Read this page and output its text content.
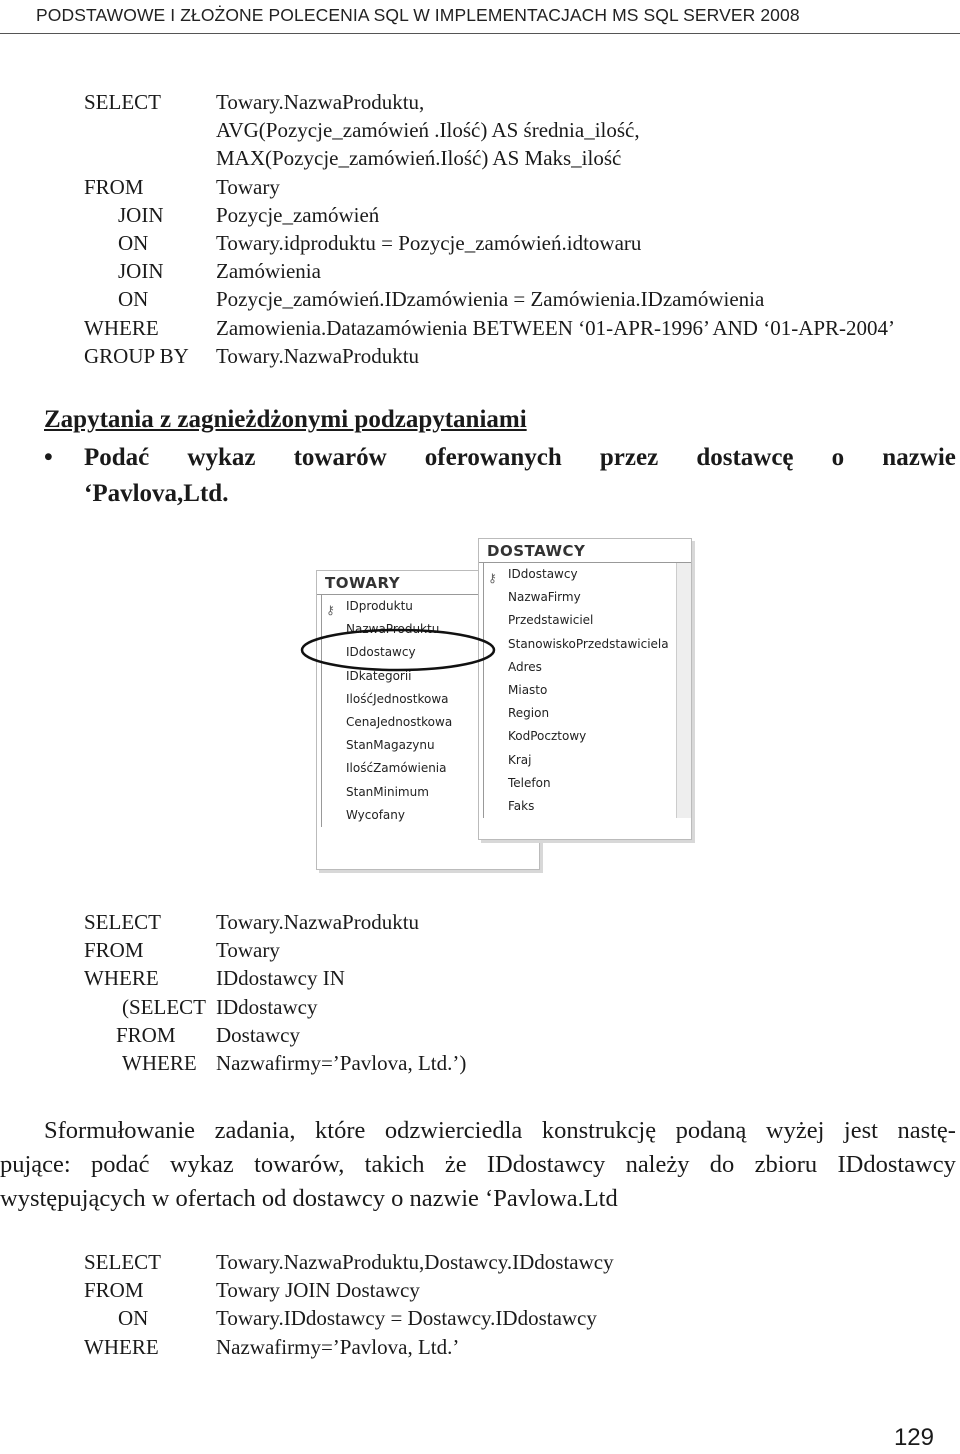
PODSTAWOWE I ZŁOŻONE POLECENIA SQL W IMPLEMENTACJACH MS SQL SERVER 2008
SELECT	Towary.NazwaProduktu,
AVG(Pozycje_zamówień .Ilość) AS średnia_ilość,
MAX(Pozycje_zamówień.Ilość) AS Maks_ilość
FROM	Towary
JOIN	Pozycje_zamówień
ON	Towary.idproduktu = Pozycje_zamówień.idtowaru
JOIN	Zamówienia
ON	Pozycje_zamówień.IDzamówienia = Zamówienia.IDzamówienia
WHERE	Zamowienia.Datazamówienia BETWEEN ‘01-APR-1996’ AND ‘01-APR-2004’
GROUP BY	Towary.NazwaProduktu
Zapytania z zagnieżdżonymi podzapytaniami
• Podać wykaz towarów oferowanych przez dostawcę o nazwie
‘Pavlova,Ltd.
TOWARY
⚷ IDproduktu
NazwaProduktu
IDdostawcy
IDkategorii
IlośćJednostkowa
CenaJednostkowa
StanMagazynu
IlośćZamówienia
StanMinimum
Wycofany
DOSTAWCY
⚷ IDdostawcy
NazwaFirmy
Przedstawiciel
StanowiskoPrzedstawiciela
Adres
Miasto
Region
KodPocztowy
Kraj
Telefon
Faks
SELECT	Towary.NazwaProduktu
FROM	Towary
WHERE	IDdostawcy IN
(SELECT IDdostawcy
FROM	Dostawcy
WHERE Nazwafirmy=’Pavlova, Ltd.’)
Sformułowanie zadania, które odzwierciedla konstrukcję podaną wyżej jest nastę-
pujące: podać wykaz towarów, takich że IDdostawcy należy do zbioru IDdostawcy
występujących w ofertach od dostawcy o nazwie ‘Pavlowa.Ltd
SELECT	Towary.NazwaProduktu,Dostawcy.IDdostawcy
FROM	Towary JOIN Dostawcy
ON	Towary.IDdostawcy = Dostawcy.IDdostawcy
WHERE	Nazwafirmy=’Pavlova, Ltd.’
129
